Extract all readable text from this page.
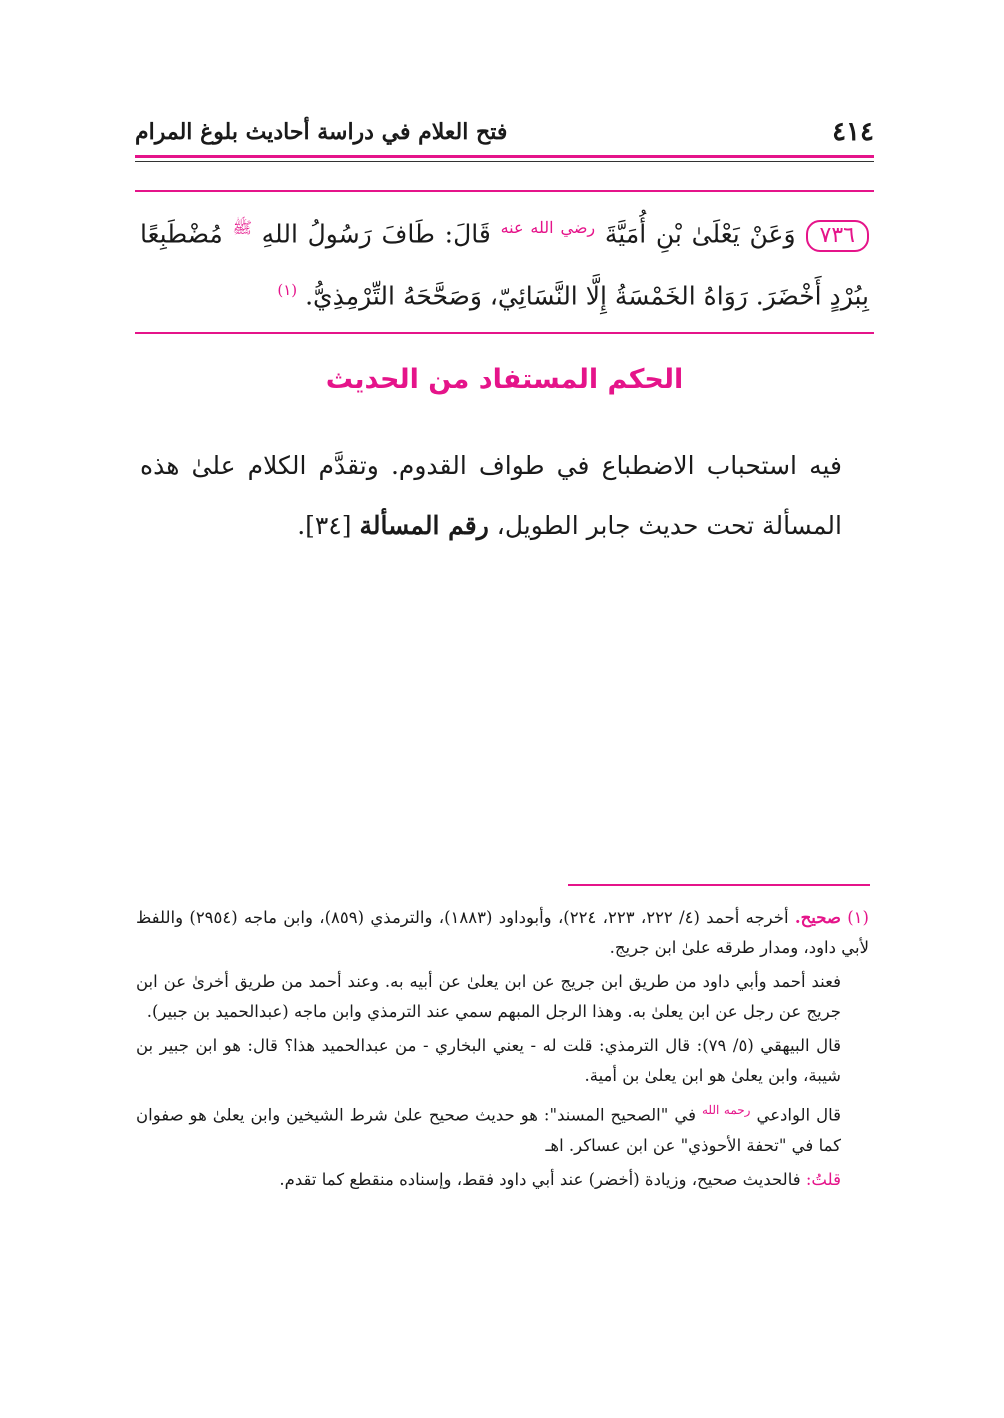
٤١٤
فتح العلام في دراسة أحاديث بلوغ المرام
٧٣٦وَعَنْ يَعْلَىٰ بْنِ أُمَيَّةَ $^{رضي الله عنه}$ قَالَ: طَافَ رَسُولُ اللهِ $^ﷺ$ مُضْطَبِعًا بِبُرْدٍ أَخْضَرَ. رَوَاهُ الخَمْسَةُ إِلَّا النَّسَائِيّ، وَصَحَّحَهُ التِّرْمِذِيُّ. $^{(١)}$
الحكم المستفاد من الحديث
فيه استحباب الاضطباع في طواف القدوم. وتقدَّم الكلام علىٰ هذه المسألة تحت حديث جابر الطويل، رقم المسألة [٣٤].

(١) صحيح. أخرجه أحمد (٤/ ٢٢٢، ٢٢٣، ٢٢٤)، وأبوداود (١٨٨٣)، والترمذي (٨٥٩)، وابن ماجه (٢٩٥٤) واللفظ لأبي داود، ومدار طرقه علىٰ ابن جريج.

فعند أحمد وأبي داود من طريق ابن جريج عن ابن يعلىٰ عن أبيه به. وعند أحمد من طريق أخرىٰ عن ابن جريج عن رجل عن ابن يعلىٰ به. وهذا الرجل المبهم سمي عند الترمذي وابن ماجه (عبدالحميد بن جبير).

قال البيهقي (٥/ ٧٩): قال الترمذي: قلت له - يعني البخاري - من عبدالحميد هذا؟ قال: هو ابن جبير بن شيبة، وابن يعلىٰ هو ابن يعلىٰ بن أمية.

قال الوادعي $^{رحمه الله}$ في "الصحيح المسند": هو حديث صحيح علىٰ شرط الشيخين وابن يعلىٰ هو صفوان كما في "تحفة الأحوذي" عن ابن عساكر. اهـ

قلتُ: فالحديث صحيح، وزيادة (أخضر) عند أبي داود فقط، وإسناده منقطع كما تقدم.
